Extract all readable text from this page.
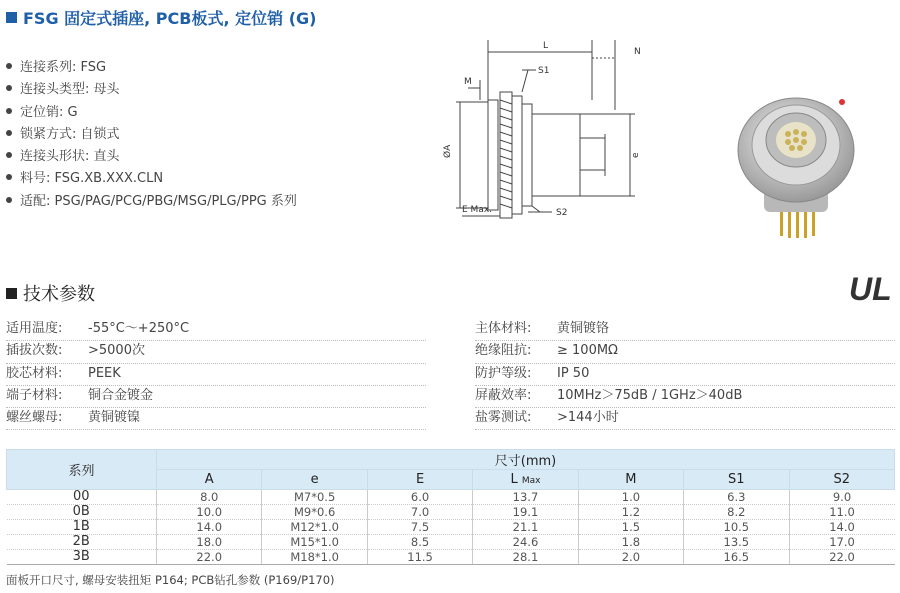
FSG 固定式插座, PCB板式, 定位销 (G)
连接系列: FSG
连接头类型: 母头
定位销: G
锁紧方式: 自锁式
连接头形状: 直头
料号: FSG.XB.XXX.CLN
适配: PSG/PAG/PCG/PBG/MSG/PLG/PPG 系列
L
N
M
S1
S2
ØA	e
E Max.
技术参数	UL
适用温度: -55°C～+250°C
插拔次数: >5000次
胶芯材料: PEEK
端子材料: 铜合金镀金
螺丝螺母: 黄铜镀镍
主体材料: 黄铜镀铬
绝缘阻抗: ≥ 100MΩ
防护等级: IP 50
屏蔽效率: 10MHz＞75dB / 1GHz＞40dB
盐雾测试: >144小时
系列	尺寸(mm)						
	A	e	E	L Max	M	S1	S2
00	8.0	M7*0.5	6.0	13.7	1.0	6.3	9.0
0B	10.0	M9*0.6	7.0	19.1	1.2	8.2	11.0
1B	14.0	M12*1.0	7.5	21.1	1.5	10.5	14.0
2B	18.0	M15*1.0	8.5	24.6	1.8	13.5	17.0
3B	22.0	M18*1.0	11.5	28.1	2.0	16.5	22.0
面板开口尺寸, 螺母安装扭矩 P164; PCB钻孔参数 (P169/P170)
